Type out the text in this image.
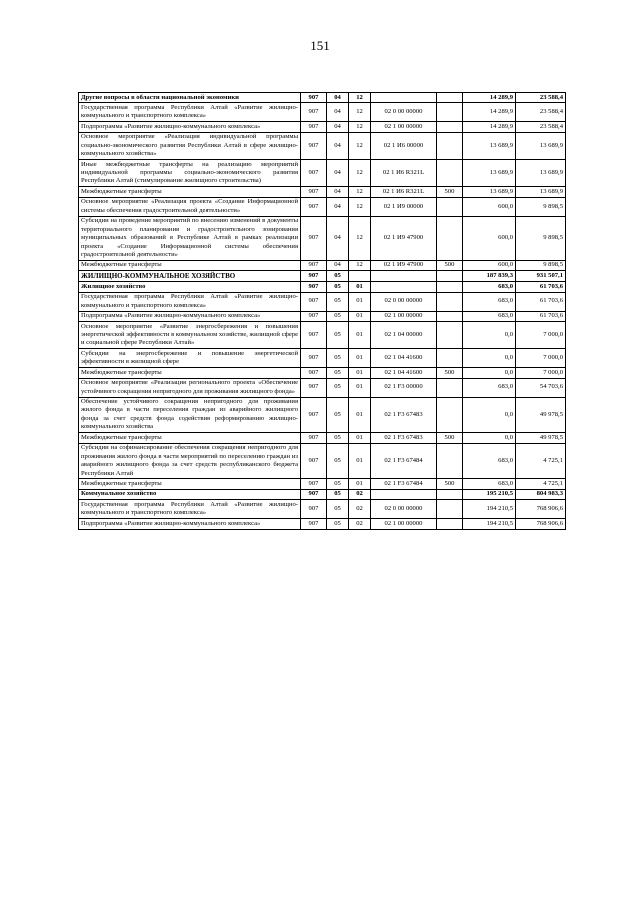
151
Другие вопросы в области национальной экономики	907	04	12			14 289,9	23 588,4
Государственная программа Республики Алтай «Развитие жилищно-коммунального и транспортного комплекса»	907	04	12	02 0 00 00000		14 289,9	23 588,4
Подпрограмма «Развитие жилищно-коммунального комплекса»	907	04	12	02 1 00 00000		14 289,9	23 588,4
Основное мероприятие «Реализация индивидуальной программы социально-экономического развития Республики Алтай в сфере жилищно-коммунального хозяйства»	907	04	12	02 1 И6 00000		13 689,9	13 689,9
Иные межбюджетные трансферты на реализацию мероприятий индивидуальной программы социально-экономического развития Республики Алтай (стимулирование жилищного строительства)	907	04	12	02 1 И6 R321L		13 689,9	13 689,9
Межбюджетные трансферты	907	04	12	02 1 И6 R321L	500	13 689,9	13 689,9
Основное мероприятие «Реализация проекта «Создание Информационной системы обеспечения градостроительной деятельности»	907	04	12	02 1 И9 00000		600,0	9 898,5
Субсидии на проведение мероприятий по внесению изменений в документы территориального планирования и градостроительного зонирования муниципальных образований в Республике Алтай в рамках реализации проекта «Создание Информационной системы обеспечения градостроительной деятельности»	907	04	12	02 1 И9 47900		600,0	9 898,5
Межбюджетные трансферты	907	04	12	02 1 И9 47900	500	600,0	9 898,5
ЖИЛИЩНО-КОММУНАЛЬНОЕ ХОЗЯЙСТВО	907	05				187 839,3	931 507,1
Жилищное хозяйство	907	05	01			683,0	61 703,6
Государственная программа Республики Алтай «Развитие жилищно-коммунального и транспортного комплекса»	907	05	01	02 0 00 00000		683,0	61 703,6
Подпрограмма «Развитие жилищно-коммунального комплекса»	907	05	01	02 1 00 00000		683,0	61 703,6
Основное мероприятие «Развитие энергосбережения и повышения энергетической эффективности в коммунальном хозяйстве, жилищной сфере и социальной сфере Республики Алтай»	907	05	01	02 1 04 00000		0,0	7 000,0
Субсидии на энергосбережение и повышение энергетической эффективности в жилищной сфере	907	05	01	02 1 04 41600		0,0	7 000,0
Межбюджетные трансферты	907	05	01	02 1 04 41600	500	0,0	7 000,0
Основное мероприятие «Реализация регионального проекта «Обеспечение устойчивого сокращения непригодного для проживания жилищного фонда»	907	05	01	02 1 F3 00000		683,0	54 703,6
Обеспечение устойчивого сокращения непригодного для проживания жилого фонда в части переселения граждан из аварийного жилищного фонда за счет средств фонда содействия реформированию жилищно-коммунального хозяйства	907	05	01	02 1 F3 67483		0,0	49 978,5
Межбюджетные трансферты	907	05	01	02 1 F3 67483	500	0,0	49 978,5
Субсидии на софинансирование обеспечения сокращения непригодного для проживания жилого фонда в части мероприятий по переселению граждан из аварийного жилищного фонда за счет средств республиканского бюджета Республики Алтай	907	05	01	02 1 F3 67484		683,0	4 725,1
Межбюджетные трансферты	907	05	01	02 1 F3 67484	500	683,0	4 725,1
Коммунальное хозяйство	907	05	02			195 210,5	804 983,3
Государственная программа Республики Алтай «Развитие жилищно-коммунального и транспортного комплекса»	907	05	02	02 0 00 00000		194 210,5	768 906,6
Подпрограмма «Развитие жилищно-коммунального комплекса»	907	05	02	02 1 00 00000		194 210,5	768 906,6
